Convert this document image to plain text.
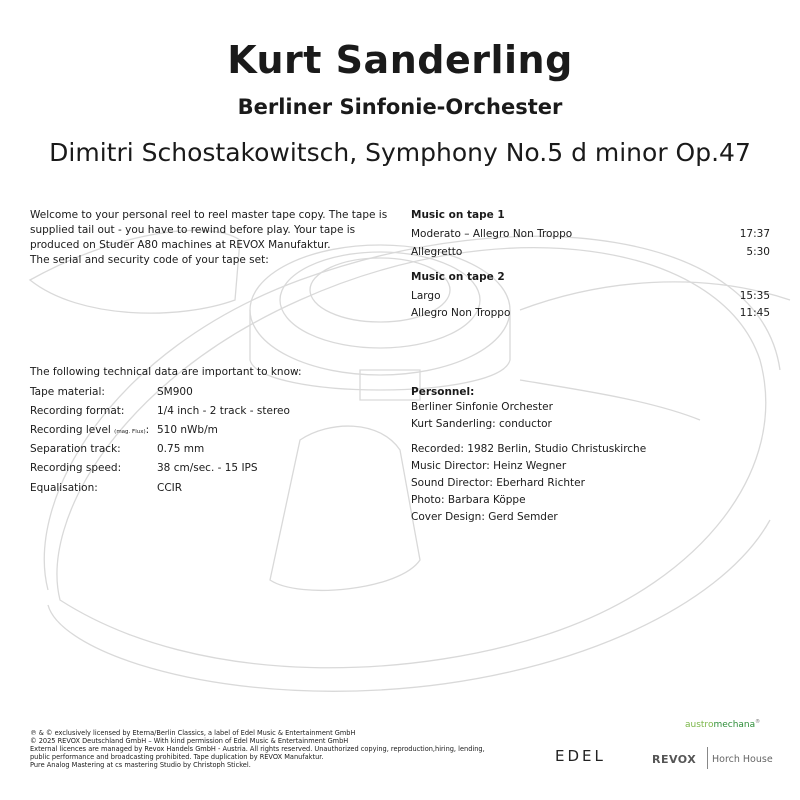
Kurt Sanderling
Berliner Sinfonie-Orchester
Dimitri Schostakowitsch, Symphony No.5 d minor Op.47
Welcome to your personal reel to reel master tape copy. The tape is supplied tail out - you have to rewind before play. Your tape is produced on Studer A80 machines at REVOX Manufaktur.
The serial and security code of your tape set:
The following technical data are important to know:
Tape material:	SM900
Recording format:	1/4 inch - 2 track - stereo
Recording level (mag. Flux): 510 nWb/m
Separation track:	0.75 mm
Recording speed:	38 cm/sec. - 15 IPS
Equalisation:	CCIR
Music on tape 1
Moderato – Allegro Non Troppo	17:37
Allegretto	5:30
Music on tape 2
Largo	15:35
Allegro Non Troppo	11:45
Personnel:
Berliner Sinfonie Orchester
Kurt Sanderling: conductor
Recorded: 1982 Berlin, Studio Christuskirche
Music Director: Heinz Wegner
Sound Director: Eberhard Richter
Photo: Barbara Köppe
Cover Design: Gerd Semder
℗ & © exclusively licensed by Eterna/Berlin Classics, a label of Edel Music & Entertainment GmbH
© 2025 REVOX Deutschland GmbH – With kind permission of Edel Music & Entertainment GmbH
External licences are managed by Revox Handels GmbH - Austria. All rights reserved. Unauthorized copying, reproduction,hiring, lending,
public performance and broadcasting prohibited. Tape duplication by REVOX Manufaktur.
Pure Analog Mastering at cs mastering Studio by Christoph Stickel.
austromechana®
EDEL	REVOX Horch House
